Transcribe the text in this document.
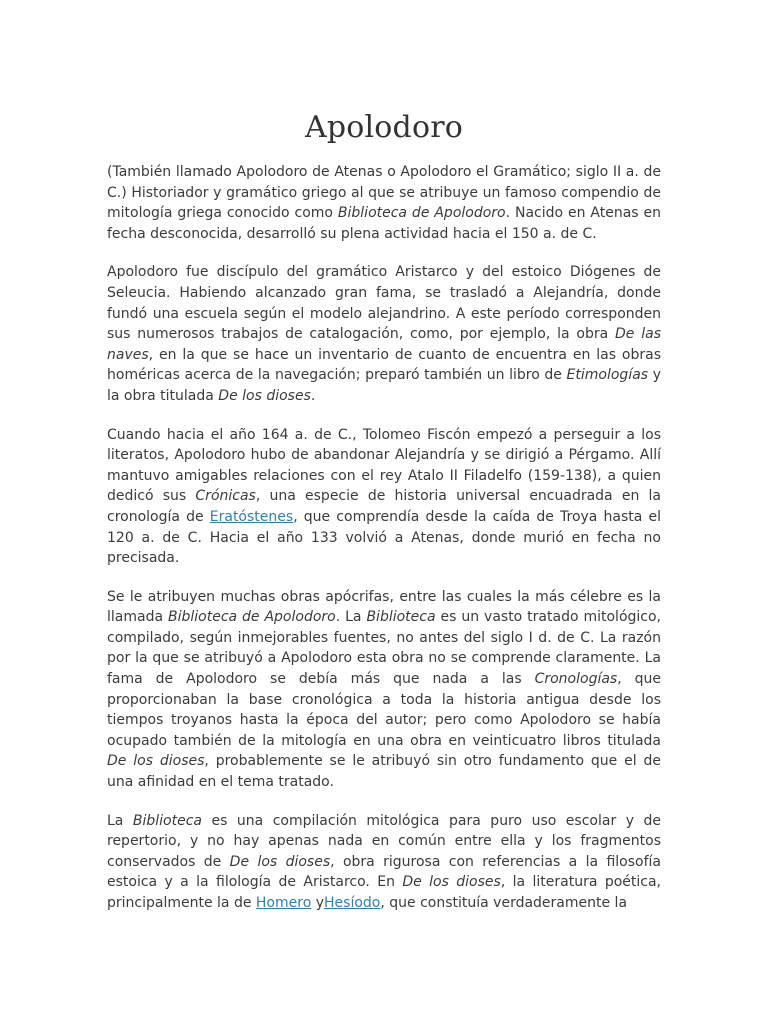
Apolodoro

(También llamado Apolodoro de Atenas o Apolodoro el Gramático; siglo II a. de C.) Historiador y gramático griego al que se atribuye un famoso compendio de mitología griega conocido como Biblioteca de Apolodoro. Nacido en Atenas en fecha desconocida, desarrolló su plena actividad hacia el 150 a. de C.

Apolodoro fue discípulo del gramático Aristarco y del estoico Diógenes de Seleucia. Habiendo alcanzado gran fama, se trasladó a Alejandría, donde fundó una escuela según el modelo alejandrino. A este período corresponden sus numerosos trabajos de catalogación, como, por ejemplo, la obra De las naves, en la que se hace un inventario de cuanto de encuentra en las obras homéricas acerca de la navegación; preparó también un libro de Etimologías y la obra titulada De los dioses.

Cuando hacia el año 164 a. de C., Tolomeo Fiscón empezó a perseguir a los literatos, Apolodoro hubo de abandonar Alejandría y se dirigió a Pérgamo. Allí mantuvo amigables relaciones con el rey Atalo II Filadelfo (159-138), a quien dedicó sus Crónicas, una especie de historia universal encuadrada en la cronología de Eratóstenes, que comprendía desde la caída de Troya hasta el 120 a. de C. Hacia el año 133 volvió a Atenas, donde murió en fecha no precisada.

Se le atribuyen muchas obras apócrifas, entre las cuales la más célebre es la llamada Biblioteca de Apolodoro. La Biblioteca es un vasto tratado mitológico, compilado, según inmejorables fuentes, no antes del siglo I d. de C. La razón por la que se atribuyó a Apolodoro esta obra no se comprende claramente. La fama de Apolodoro se debía más que nada a las Cronologías, que proporcionaban la base cronológica a toda la historia antigua desde los tiempos troyanos hasta la época del autor; pero como Apolodoro se había ocupado también de la mitología en una obra en veinticuatro libros titulada De los dioses, probablemente se le atribuyó sin otro fundamento que el de una afinidad en el tema tratado.

La Biblioteca es una compilación mitológica para puro uso escolar y de repertorio, y no hay apenas nada en común entre ella y los fragmentos conservados de De los dioses, obra rigurosa con referencias a la filosofía estoica y a la filología de Aristarco. En De los dioses, la literatura poética, principalmente la de Homero yHesíodo, que constituía verdaderamente la
